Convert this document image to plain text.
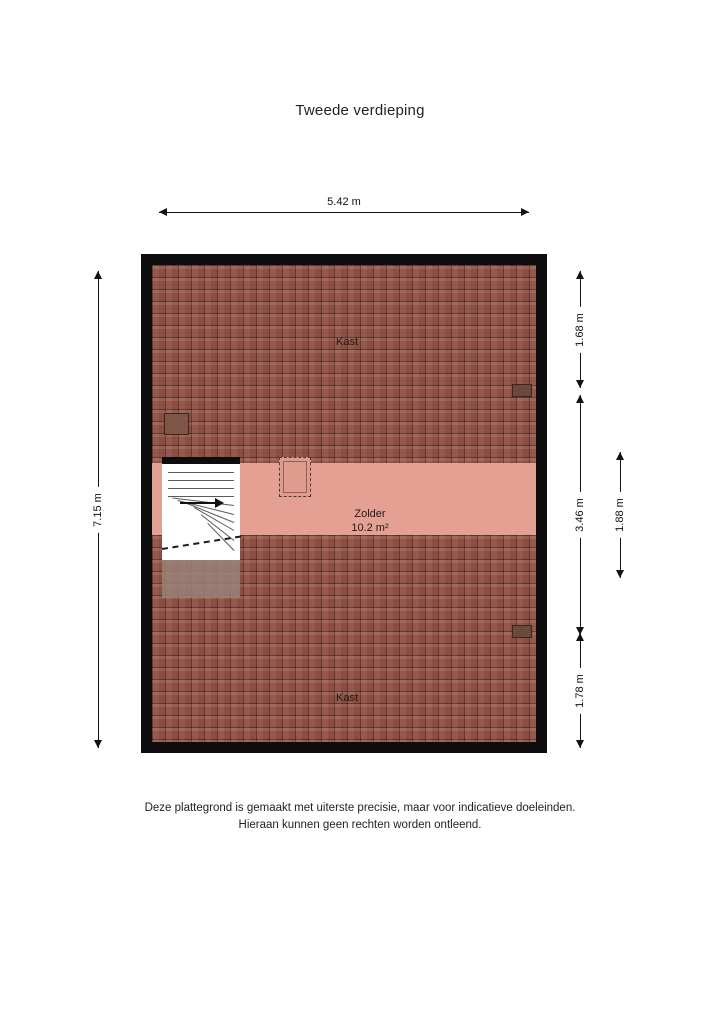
Tweede verdieping
5.42 m
7.15 m
1.68 m
3.46 m
1.78 m
1.88 m
Kast
Zolder
10.2 m²
Kast
Deze plattegrond is gemaakt met uiterste precisie, maar voor indicatieve doeleinden.
Hieraan kunnen geen rechten worden ontleend.
